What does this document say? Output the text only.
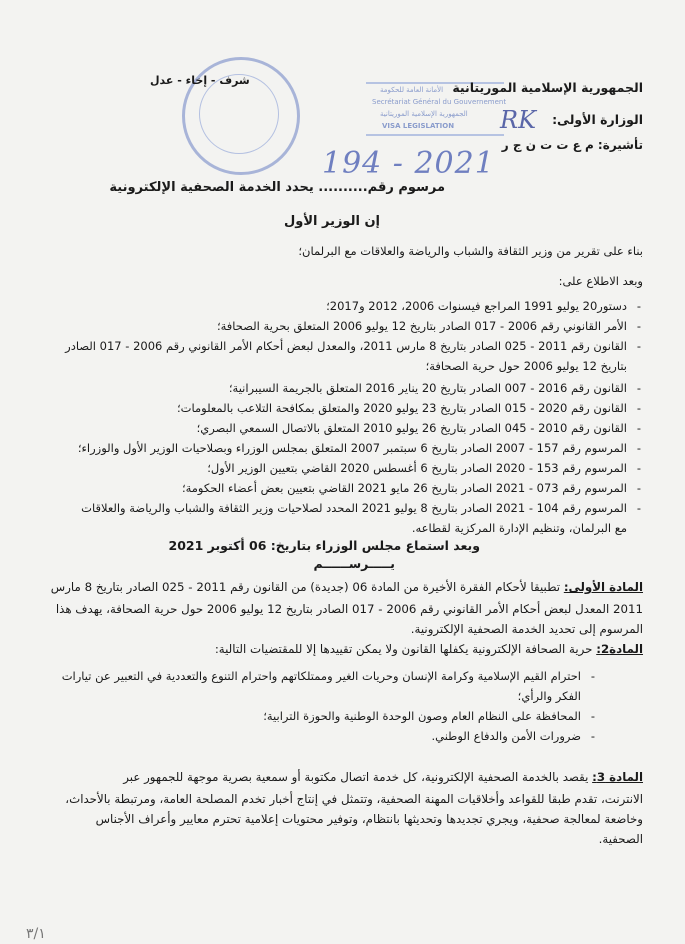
الأمانة العامة للحكومة
Secrétariat Général du Gouvernement
الجمهورية الإسلامية الموريتانية
VISA LEGISLATION RK
194 - 2021
الجمهورية الإسلامية الموريتانية
الوزارة الأولى:
تأشيرة: م ع ت ت ن ج ر
شرف - إخاء - عدل
مرسوم رقم.......... يحدد الخدمة الصحفية الإلكترونية
إن الوزير الأول
بناء على تقرير من وزير الثقافة والشباب والرياضة والعلاقات مع البرلمان؛
وبعد الاطلاع على:
- دستور20 يوليو 1991 المراجع فيسنوات 2006، 2012 و2017؛
- الأمر القانوني رقم 2006 - 017 الصادر بتاريخ 12 يوليو 2006 المتعلق بحرية الصحافة؛
- القانون رقم 2011 - 025 الصادر بتاريخ 8 مارس 2011، والمعدل لبعض أحكام الأمر القانوني رقم 2006 - 017 الصادر
بتاريخ 12 يوليو 2006 حول حرية الصحافة؛
- القانون رقم 2016 - 007 الصادر بتاريخ 20 يناير 2016 المتعلق بالجريمة السيبرانية؛
- القانون رقم 2020 - 015 الصادر بتاريخ 23 يوليو 2020 والمتعلق بمكافحة التلاعب بالمعلومات؛
- القانون رقم 2010 - 045 الصادر بتاريخ 26 يوليو 2010 المتعلق بالاتصال السمعي البصري؛
- المرسوم رقم 157 - 2007 الصادر بتاريخ 6 سبتمبر 2007 المتعلق بمجلس الوزراء وبصلاحيات الوزير الأول والوزراء؛
- المرسوم رقم 153 - 2020 الصادر بتاريخ 6 أغسطس 2020 القاضي بتعيين الوزير الأول؛
- المرسوم رقم 073 - 2021 الصادر بتاريخ 26 مايو 2021 القاضي بتعيين بعض أعضاء الحكومة؛
- المرسوم رقم 104 - 2021 الصادر بتاريخ 8 يوليو 2021 المحدد لصلاحيات وزير الثقافة والشباب والرياضة والعلاقات
مع البرلمان، وتنظيم الإدارة المركزية لقطاعه.
وبعد استماع مجلس الوزراء بتاريخ: 06 أكتوبر 2021
يـــــرســــــم
المادة الأولى: تطبيقا لأحكام الفقرة الأخيرة من المادة 06 (جديدة) من القانون رقم 2011 - 025 الصادر بتاريخ 8 مارس
2011 المعدل لبعض أحكام الأمر القانوني رقم 2006 - 017 الصادر بتاريخ 12 يوليو 2006 حول حرية الصحافة، يهدف هذا
المرسوم إلى تحديد الخدمة الصحفية الإلكترونية.
المادة2: حرية الصحافة الإلكترونية يكفلها القانون ولا يمكن تقييدها إلا للمقتضيات التالية:
- احترام القيم الإسلامية وكرامة الإنسان وحريات الغير وممتلكاتهم واحترام التنوع والتعددية في التعبير عن تيارات
الفكر والرأي؛
- المحافظة على النظام العام وصون الوحدة الوطنية والحوزة الترابية؛
- ضرورات الأمن والدفاع الوطني.
المادة 3: يقصد بالخدمة الصحفية الإلكترونية، كل خدمة اتصال مكتوبة أو سمعية بصرية موجهة للجمهور عبر
الانترنت، تقدم طبقا للقواعد وأخلاقيات المهنة الصحفية، وتتمثل في إنتاج أخبار تخدم المصلحة العامة، ومرتبطة بالأحداث،
وخاضعة لمعالجة صحفية، ويجري تجديدها وتحديثها بانتظام، وتوفير محتويات إعلامية تحترم معايير وأعراف الأجناس
الصحفية.
٣/١
